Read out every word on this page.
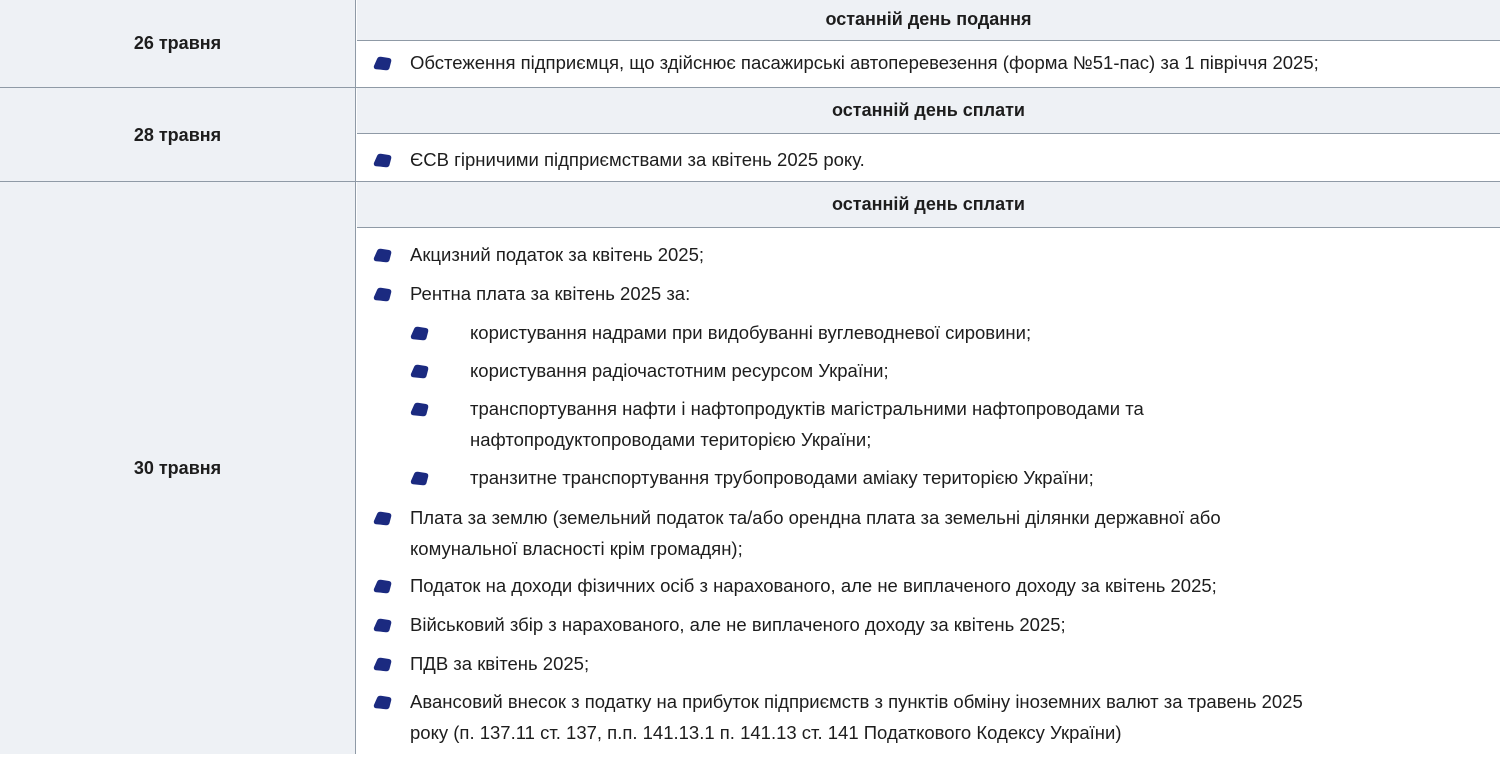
26 травня
останній день подання
Обстеження підприємця, що здійснює пасажирські автоперевезення (форма №51-пас) за 1 півріччя 2025;
28 травня
останній день сплати
ЄСВ гірничими підприємствами за квітень 2025 року.
30 травня
останній день сплати
Акцизний податок за квітень 2025;
Рентна плата за квітень 2025 за:
користування надрами при видобуванні вуглеводневої сировини;
користування радіочастотним ресурсом України;
транспортування нафти і нафтопродуктів магістральними нафтопроводами та
нафтопродуктопроводами територією України;
транзитне транспортування трубопроводами аміаку територією України;
Плата за землю (земельний податок та/або орендна плата за земельні ділянки державної або
комунальної власності крім громадян);
Податок на доходи фізичних осіб з нарахованого, але не виплаченого доходу за квітень 2025;
Військовий збір з нарахованого, але не виплаченого доходу за квітень 2025;
ПДВ за квітень 2025;
Авансовий внесок з податку на прибуток підприємств з пунктів обміну іноземних валют за травень 2025
року (п. 137.11 ст. 137, п.п. 141.13.1 п. 141.13 ст. 141 Податкового Кодексу України)
